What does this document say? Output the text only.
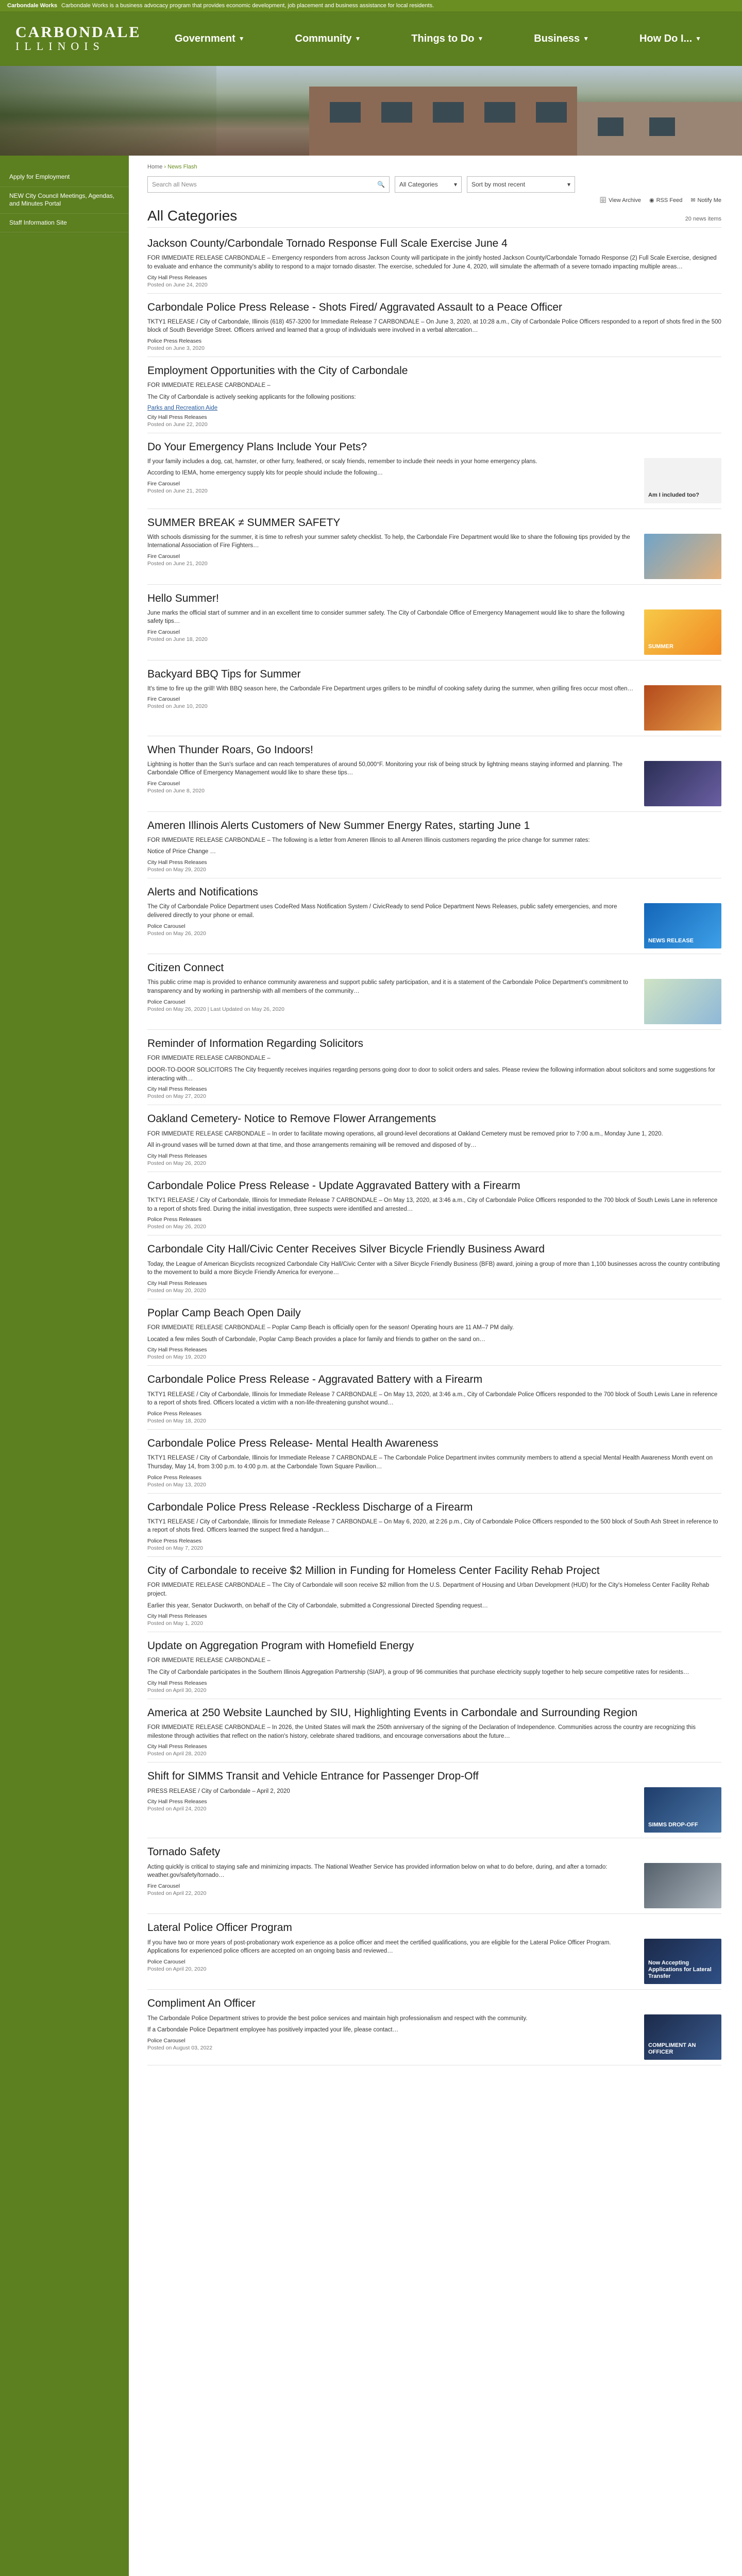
Carbondale Works Carbondale Works is a business advocacy program that provides economic development, job placement and business assistance for local residents.
CARBONDALE
ILLINOIS
Government ▼	Community ▼	Things to Do ▼	Business ▼	How Do I... ▼
Apply for Employment
NEW City Council Meetings, Agendas, and Minutes Portal
Staff Information Site
Home › News Flash
Search all News	🔍 All Categories	▾ Sort by most recent	▾
🗄 View Archive ◉ RSS Feed ✉ Notify Me
All Categories	20 news items
Jackson County/Carbondale Tornado Response Full Scale Exercise June 4

FOR IMMEDIATE RELEASE CARBONDALE – Emergency responders from across Jackson County will participate in the jointly hosted Jackson County/Carbondale Tornado Response (2) Full Scale Exercise, designed to evaluate and enhance the community's ability to respond to a major tornado disaster. The exercise, scheduled for June 4, 2020, will simulate the aftermath of a severe tornado impacting multiple areas…

City Hall Press Releases
Posted on June 24, 2020
Carbondale Police Press Release - Shots Fired/ Aggravated Assault to a Peace Officer

TKTY1 RELEASE / City of Carbondale, Illinois (618) 457-3200 for Immediate Release 7 CARBONDALE – On June 3, 2020, at 10:28 a.m., City of Carbondale Police Officers responded to a report of shots fired in the 500 block of South Beveridge Street. Officers arrived and learned that a group of individuals were involved in a verbal altercation…

Police Press Releases
Posted on June 3, 2020
Employment Opportunities with the City of Carbondale

FOR IMMEDIATE RELEASE CARBONDALE –

The City of Carbondale is actively seeking applicants for the following positions:

Parks and Recreation Aide
City Hall Press Releases
Posted on June 22, 2020
Do Your Emergency Plans Include Your Pets?

If your family includes a dog, cat, hamster, or other furry, feathered, or scaly friends, remember to include their needs in your home emergency plans.

According to IEMA, home emergency supply kits for people should include the following…

Fire Carousel
Posted on June 21, 2020
Am I included too?
SUMMER BREAK ≠ SUMMER SAFETY

With schools dismissing for the summer, it is time to refresh your summer safety checklist. To help, the Carbondale Fire Department would like to share the following tips provided by the International Association of Fire Fighters…

Fire Carousel
Posted on June 21, 2020
Hello Summer!

June marks the official start of summer and in an excellent time to consider summer safety. The City of Carbondale Office of Emergency Management would like to share the following safety tips…

Fire Carousel
Posted on June 18, 2020
SUMMER
Backyard BBQ Tips for Summer

It's time to fire up the grill! With BBQ season here, the Carbondale Fire Department urges grillers to be mindful of cooking safety during the summer, when grilling fires occur most often…

Fire Carousel
Posted on June 10, 2020
When Thunder Roars, Go Indoors!

Lightning is hotter than the Sun's surface and can reach temperatures of around 50,000°F. Monitoring your risk of being struck by lightning means staying informed and planning. The Carbondale Office of Emergency Management would like to share these tips…

Fire Carousel
Posted on June 8, 2020
Ameren Illinois Alerts Customers of New Summer Energy Rates, starting June 1

FOR IMMEDIATE RELEASE CARBONDALE – The following is a letter from Ameren Illinois to all Ameren Illinois customers regarding the price change for summer rates:

Notice of Price Change …

City Hall Press Releases
Posted on May 29, 2020
Alerts and Notifications

The City of Carbondale Police Department uses CodeRed Mass Notification System / CivicReady to send Police Department News Releases, public safety emergencies, and more delivered directly to your phone or email.

Police Carousel
Posted on May 26, 2020
NEWS RELEASE
Citizen Connect

This public crime map is provided to enhance community awareness and support public safety participation, and it is a statement of the Carbondale Police Department's commitment to transparency and by working in partnership with all members of the community…

Police Carousel
Posted on May 26, 2020 | Last Updated on May 26, 2020
Reminder of Information Regarding Solicitors

FOR IMMEDIATE RELEASE CARBONDALE –

DOOR-TO-DOOR SOLICITORS The City frequently receives inquiries regarding persons going door to door to solicit orders and sales. Please review the following information about solicitors and some suggestions for interacting with…

City Hall Press Releases
Posted on May 27, 2020
Oakland Cemetery- Notice to Remove Flower Arrangements

FOR IMMEDIATE RELEASE CARBONDALE – In order to facilitate mowing operations, all ground-level decorations at Oakland Cemetery must be removed prior to 7:00 a.m., Monday June 1, 2020.

All in-ground vases will be turned down at that time, and those arrangements remaining will be removed and disposed of by…

City Hall Press Releases
Posted on May 26, 2020
Carbondale Police Press Release - Update Aggravated Battery with a Firearm

TKTY1 RELEASE / City of Carbondale, Illinois for Immediate Release 7 CARBONDALE – On May 13, 2020, at 3:46 a.m., City of Carbondale Police Officers responded to the 700 block of South Lewis Lane in reference to a report of shots fired. During the initial investigation, three suspects were identified and arrested…

Police Press Releases
Posted on May 26, 2020
Carbondale City Hall/Civic Center Receives Silver Bicycle Friendly Business Award

Today, the League of American Bicyclists recognized Carbondale City Hall/Civic Center with a Silver Bicycle Friendly Business (BFB) award, joining a group of more than 1,100 businesses across the country contributing to the movement to build a more Bicycle Friendly America for everyone…

City Hall Press Releases
Posted on May 20, 2020
Poplar Camp Beach Open Daily

FOR IMMEDIATE RELEASE CARBONDALE – Poplar Camp Beach is officially open for the season! Operating hours are 11 AM–7 PM daily.

Located a few miles South of Carbondale, Poplar Camp Beach provides a place for family and friends to gather on the sand on…

City Hall Press Releases
Posted on May 19, 2020
Carbondale Police Press Release - Aggravated Battery with a Firearm

TKTY1 RELEASE / City of Carbondale, Illinois for Immediate Release 7 CARBONDALE – On May 13, 2020, at 3:46 a.m., City of Carbondale Police Officers responded to the 700 block of South Lewis Lane in reference to a report of shots fired. Officers located a victim with a non-life-threatening gunshot wound…

Police Press Releases
Posted on May 18, 2020
Carbondale Police Press Release- Mental Health Awareness

TKTY1 RELEASE / City of Carbondale, Illinois for Immediate Release 7 CARBONDALE – The Carbondale Police Department invites community members to attend a special Mental Health Awareness Month event on Thursday, May 14, from 3:00 p.m. to 4:00 p.m. at the Carbondale Town Square Pavilion…

Police Press Releases
Posted on May 13, 2020
Carbondale Police Press Release -Reckless Discharge of a Firearm

TKTY1 RELEASE / City of Carbondale, Illinois for Immediate Release 7 CARBONDALE – On May 6, 2020, at 2:26 p.m., City of Carbondale Police Officers responded to the 500 block of South Ash Street in reference to a report of shots fired. Officers learned the suspect fired a handgun…

Police Press Releases
Posted on May 7, 2020
City of Carbondale to receive $2 Million in Funding for Homeless Center Facility Rehab Project

FOR IMMEDIATE RELEASE CARBONDALE – The City of Carbondale will soon receive $2 million from the U.S. Department of Housing and Urban Development (HUD) for the City's Homeless Center Facility Rehab project.

Earlier this year, Senator Duckworth, on behalf of the City of Carbondale, submitted a Congressional Directed Spending request…

City Hall Press Releases
Posted on May 1, 2020
Update on Aggregation Program with Homefield Energy

FOR IMMEDIATE RELEASE CARBONDALE –

The City of Carbondale participates in the Southern Illinois Aggregation Partnership (SIAP), a group of 96 communities that purchase electricity supply together to help secure competitive rates for residents…

City Hall Press Releases
Posted on April 30, 2020
America at 250 Website Launched by SIU, Highlighting Events in Carbondale and Surrounding Region

FOR IMMEDIATE RELEASE CARBONDALE – In 2026, the United States will mark the 250th anniversary of the signing of the Declaration of Independence. Communities across the country are recognizing this milestone through activities that reflect on the nation's history, celebrate shared traditions, and encourage conversations about the future…

City Hall Press Releases
Posted on April 28, 2020
Shift for SIMMS Transit and Vehicle Entrance for Passenger Drop-Off

PRESS RELEASE / City of Carbondale – April 2, 2020

City Hall Press Releases
Posted on April 24, 2020
SIMMS DROP-OFF
Tornado Safety

Acting quickly is critical to staying safe and minimizing impacts. The National Weather Service has provided information below on what to do before, during, and after a tornado: weather.gov/safety/tornado…

Fire Carousel
Posted on April 22, 2020
Lateral Police Officer Program

If you have two or more years of post-probationary work experience as a police officer and meet the certified qualifications, you are eligible for the Lateral Police Officer Program. Applications for experienced police officers are accepted on an ongoing basis and reviewed…

Police Carousel
Posted on April 20, 2020
Now Accepting Applications for Lateral Transfer
Compliment An Officer

The Carbondale Police Department strives to provide the best police services and maintain high professionalism and respect with the community.

If a Carbondale Police Department employee has positively impacted your life, please contact…

Police Carousel
Posted on August 03, 2022	COMPLIMENT AN OFFICER
